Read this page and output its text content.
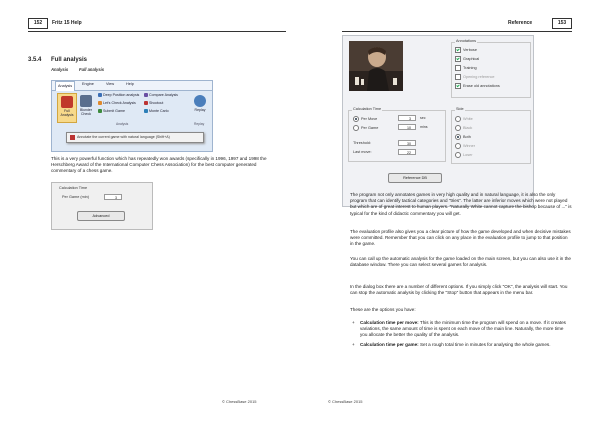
152	Fritz 15 Help
3.5.4 Full analysis
Analysis	Full analysis
Analysis	Engine	View	Help
Full Analysis
Blunder Check
Deep Position analysis
Let's Check Analysis
Submit Game
Compare Analysis
Shootout
Monte Carlo	Replay
Analysis	Replay
Annotate the current game with natural language (Shift+A)
This is a very powerful function which has repeatedly won awards (specifically in 1996, 1997 and 1998 the Herschberg Award of the International Computer Chess Association) for the best computer generated commentary of a chess game.
Calculation Time
Per Game (min)	3
Advanced
© ChessBase 2015
Reference	153
Annotations
Verbose
Graphical
Training
Opening reference
Erase old annotations
Calculation Time
Per Move	3	sec
Per Game	10	mins
Threshold:	30
Last move:	22
Side
White
Black
Both
Winner
Loser
Reference DB
The program not only annotates games in very high quality and in natural language, it is also the only program that can identify tactical categories and "tries". The latter are inferior moves which were not played but which are of great interest to human players. "Naturally White cannot capture the bishop because of ..." is typical for the kind of didactic commentary you will get.
The evaluation profile also gives you a clear picture of how the game developed and when decisive mistakes were committed. Remember that you can click on any place in the evaluation profile to jump to that position in the game.
You can call up the automatic analysis for the game loaded on the main screen, but you can also use it in the database window. There you can select several games for analysis.
In the dialog box there are a number of different options. If you simply click "OK", the analysis will start. You can stop the automatic analysis by clicking the "Stop" button that appears in the menu bar.
These are the options you have:
+ Calculation time per move: This is the minimum time the program will spend on a move. If it creates variations, the same amount of time is spent on each move of the main line. Naturally, the more time you allocate the better the quality of the analysis.
+ Calculation time per game: Set a rough total time in minutes for analysing the whole games.
© ChessBase 2015
